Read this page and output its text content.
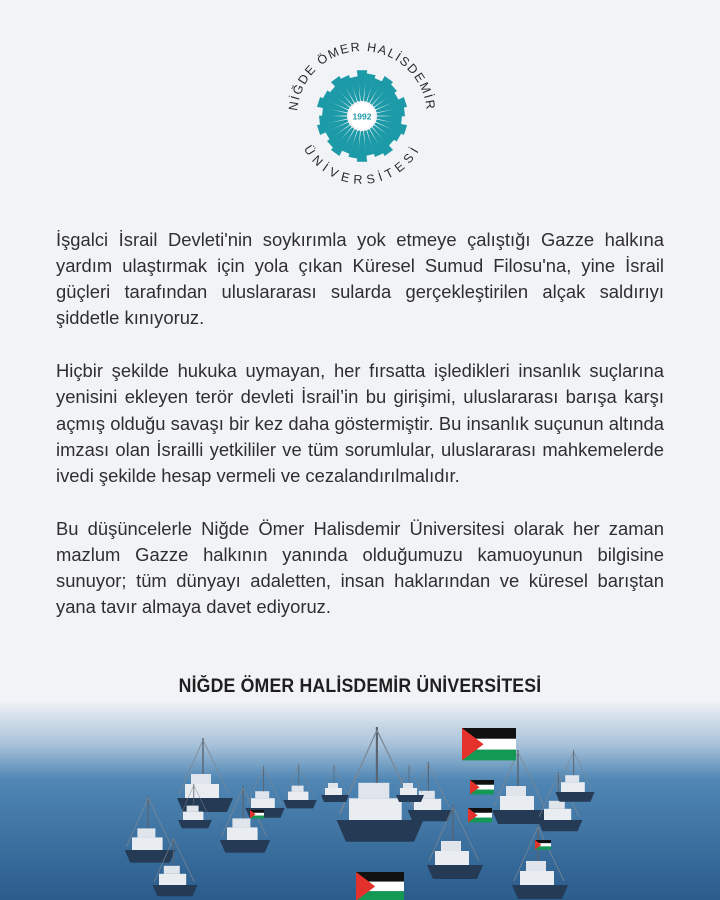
1992
NİĞDE ÖMER HALİSDEMİR
ÜNİVERSİTESİ

İşgalci İsrail Devleti'nin soykırımla yok etmeye çalıştığı Gazze halkına yardım ulaştırmak için yola çıkan Küresel Sumud Filosu'na, yine İsrail güçleri tarafından uluslararası sularda gerçekleştirilen alçak saldırıyı şiddetle kınıyoruz.

Hiçbir şekilde hukuka uymayan, her fırsatta işledikleri insanlık suçlarına yenisini ekleyen terör devleti İsrail’in bu girişimi, uluslararası barışa karşı açmış olduğu savaşı bir kez daha göstermiştir. Bu insanlık suçunun altında imzası olan İsrailli yetkililer ve tüm sorumlular, uluslararası mahkemelerde ivedi şekilde hesap vermeli ve cezalandırılmalıdır.

Bu düşüncelerle Niğde Ömer Halisdemir Üniversitesi olarak her zaman mazlum Gazze halkının yanında olduğumuzu kamuoyunun bilgisine sunuyor; tüm dünyayı adaletten, insan haklarından ve küresel barıştan yana tavır almaya davet ediyoruz.

NİĞDE ÖMER HALİSDEMİR ÜNİVERSİTESİ
